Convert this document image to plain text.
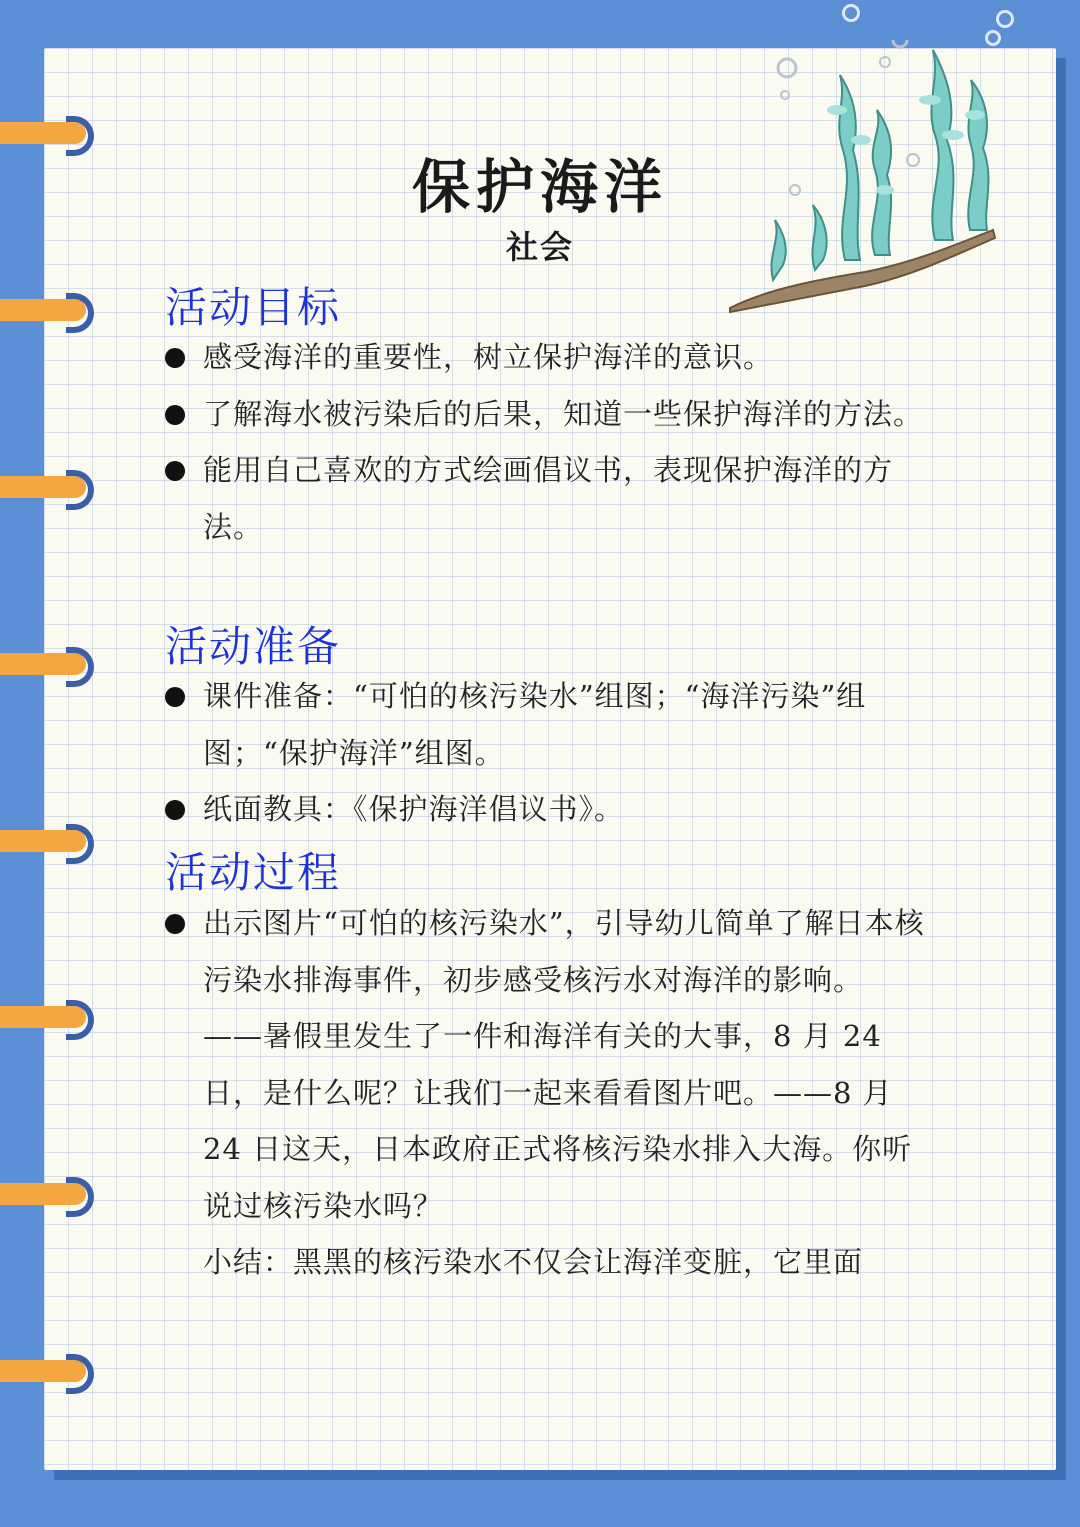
保护海洋
社会
活动目标
感受海洋的重要性，树立保护海洋的意识。
了解海水被污染后的后果，知道一些保护海洋的方法。
能用自己喜欢的方式绘画倡议书，表现保护海洋的方法。
活动准备
课件准备：“可怕的核污染水”组图；“海洋污染”组图；“保护海洋”组图。
纸面教具：《保护海洋倡议书》。
活动过程
出示图片“可怕的核污染水”，引导幼儿简单了解日本核污染水排海事件，初步感受核污水对海洋的影响。
——暑假里发生了一件和海洋有关的大事，8 月 24 日，是什么呢？让我们一起来看看图片吧。——8 月 24 日这天，日本政府正式将核污染水排入大海。你听说过核污染水吗？
小结：黑黑的核污染水不仅会让海洋变脏，它里面
